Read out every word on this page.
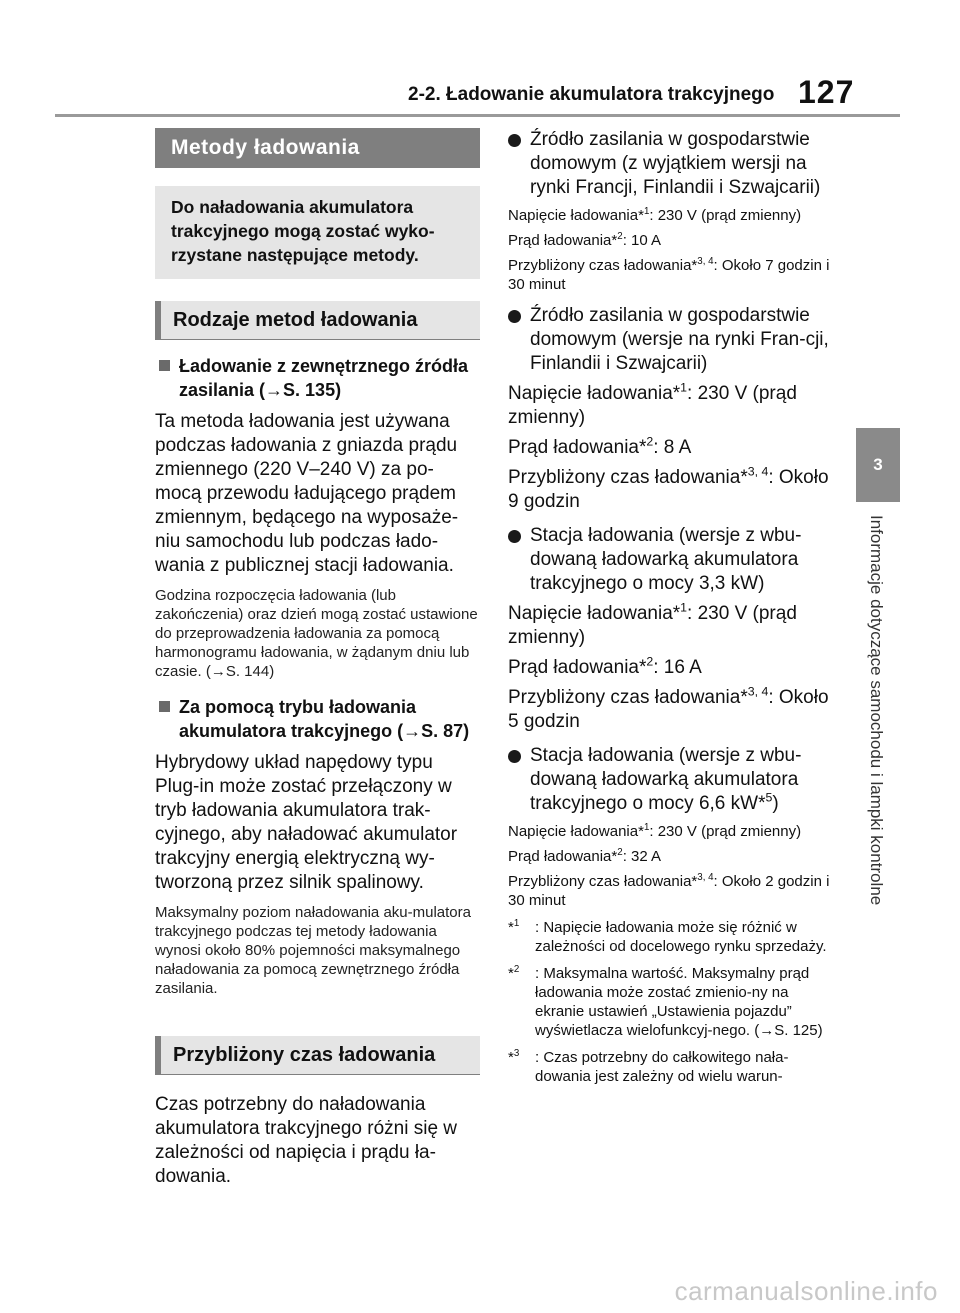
2-2. Ładowanie akumulatora trakcyjnego 127
3
Informacje dotyczące samochodu i lampki kontrolne
Metody ładowania
Do naładowania akumulatora trakcyjnego mogą zostać wyko-rzystane następujące metody.
Rodzaje metod ładowania
Ładowanie z zewnętrznego źródła zasilania (→S. 135)
Ta metoda ładowania jest używana podczas ładowania z gniazda prądu zmiennego (220 V–240 V) za po-mocą przewodu ładującego prądem zmiennym, będącego na wyposaże-niu samochodu lub podczas łado-wania z publicznej stacji ładowania.
Godzina rozpoczęcia ładowania (lub zakończenia) oraz dzień mogą zostać ustawione do przeprowadzenia ładowania za pomocą harmonogramu ładowania, w żądanym dniu lub czasie. (→S. 144)
Za pomocą trybu ładowania akumulatora trakcyjnego (→S. 87)
Hybrydowy układ napędowy typu Plug-in może zostać przełączony w tryb ładowania akumulatora trak-cyjnego, aby naładować akumulator trakcyjny energią elektryczną wy-tworzoną przez silnik spalinowy.
Maksymalny poziom naładowania aku-mulatora trakcyjnego podczas tej metody ładowania wynosi około 80% pojemności maksymalnego naładowania za pomocą zewnętrznego źródła zasilania.
Przybliżony czas ładowania
Czas potrzebny do naładowania akumulatora trakcyjnego różni się w zależności od napięcia i prądu ła-dowania.
Źródło zasilania w gospodarstwie domowym (z wyjątkiem wersji na rynki Francji, Finlandii i Szwajcarii)
Napięcie ładowania*$^1$: 230 V (prąd zmienny)
Prąd ładowania*$^2$: 10 A
Przybliżony czas ładowania*$^{3, 4}$: Około 7 godzin i 30 minut
Źródło zasilania w gospodarstwie domowym (wersje na rynki Fran-cji, Finlandii i Szwajcarii)
Napięcie ładowania*$^1$: 230 V (prąd zmienny)
Prąd ładowania*$^2$: 8 A
Przybliżony czas ładowania*$^{3, 4}$: Około 9 godzin
Stacja ładowania (wersje z wbu-dowaną ładowarką akumulatora trakcyjnego o mocy 3,3 kW)
Napięcie ładowania*$^1$: 230 V (prąd zmienny)
Prąd ładowania*$^2$: 16 A
Przybliżony czas ładowania*$^{3, 4}$: Około 5 godzin
Stacja ładowania (wersje z wbu-dowaną ładowarką akumulatora trakcyjnego o mocy 6,6 kW*$^5$)
Napięcie ładowania*$^1$: 230 V (prąd zmienny)
Prąd ładowania*$^2$: 32 A
Przybliżony czas ładowania*$^{3, 4}$: Około 2 godzin i 30 minut
*$^1$ : Napięcie ładowania może się różnić w zależności od docelowego rynku sprzedaży.
*$^2$ : Maksymalna wartość. Maksymalny prąd ładowania może zostać zmienio-ny na ekranie ustawień „Ustawienia pojazdu” wyświetlacza wielofunkcyj-nego. (→S. 125)
*$^3$ : Czas potrzebny do całkowitego nała-dowania jest zależny od wielu warun-
carmanualsonline.info
